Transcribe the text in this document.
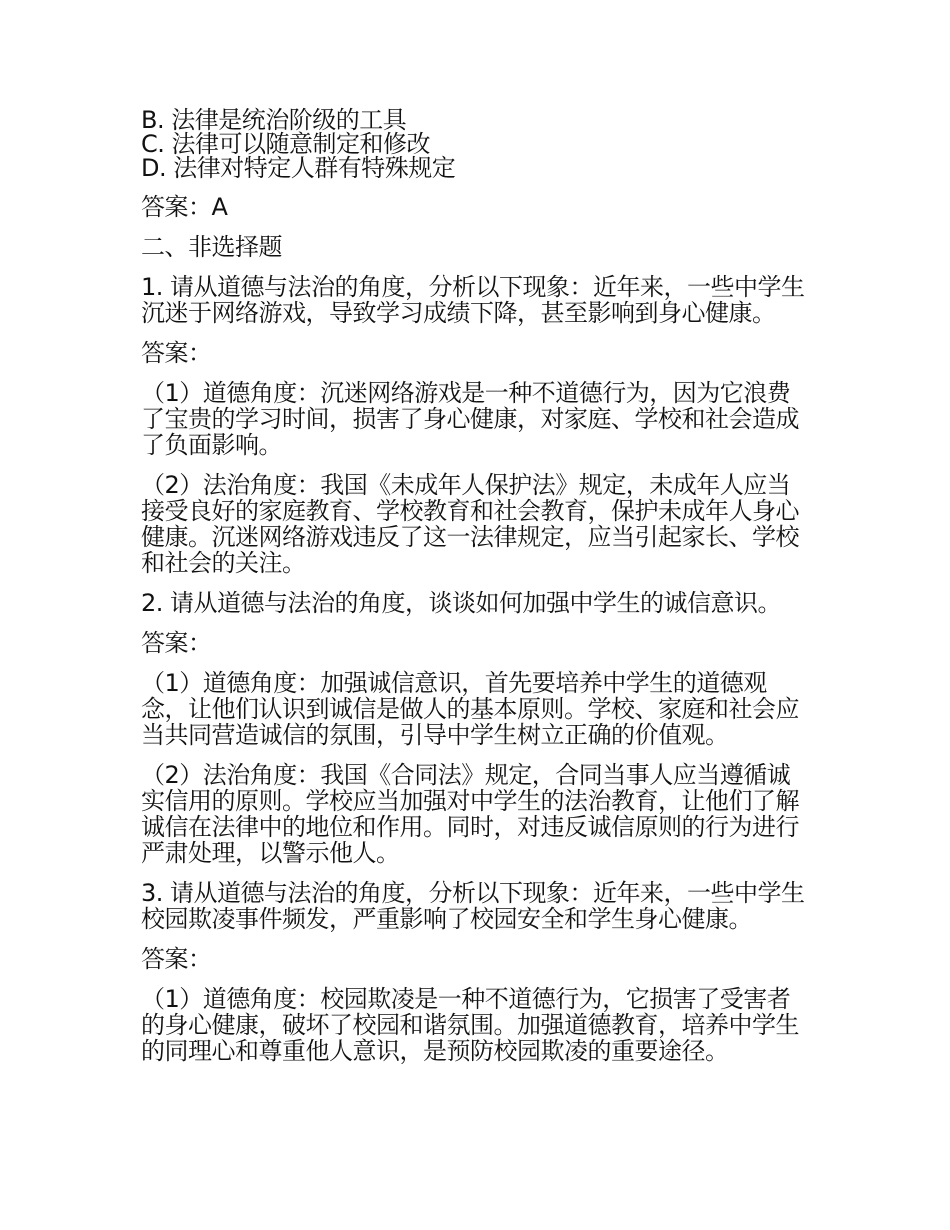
B. 法律是统治阶级的工具

C. 法律可以随意制定和修改

D. 法律对特定人群有特殊规定

答案：A

二、非选择题

1. 请从道德与法治的角度，分析以下现象：近年来，一些中学生沉迷于网络游戏，导致学习成绩下降，甚至影响到身心健康。

答案：

（1）道德角度：沉迷网络游戏是一种不道德行为，因为它浪费了宝贵的学习时间，损害了身心健康，对家庭、学校和社会造成了负面影响。

（2）法治角度：我国《未成年人保护法》规定，未成年人应当接受良好的家庭教育、学校教育和社会教育，保护未成年人身心健康。沉迷网络游戏违反了这一法律规定，应当引起家长、学校和社会的关注。

2. 请从道德与法治的角度，谈谈如何加强中学生的诚信意识。

答案：

（1）道德角度：加强诚信意识，首先要培养中学生的道德观念，让他们认识到诚信是做人的基本原则。学校、家庭和社会应当共同营造诚信的氛围，引导中学生树立正确的价值观。

（2）法治角度：我国《合同法》规定，合同当事人应当遵循诚实信用的原则。学校应当加强对中学生的法治教育，让他们了解诚信在法律中的地位和作用。同时，对违反诚信原则的行为进行严肃处理，以警示他人。

3. 请从道德与法治的角度，分析以下现象：近年来，一些中学生校园欺凌事件频发，严重影响了校园安全和学生身心健康。

答案：

（1）道德角度：校园欺凌是一种不道德行为，它损害了受害者的身心健康，破坏了校园和谐氛围。加强道德教育，培养中学生的同理心和尊重他人意识，是预防校园欺凌的重要途径。
